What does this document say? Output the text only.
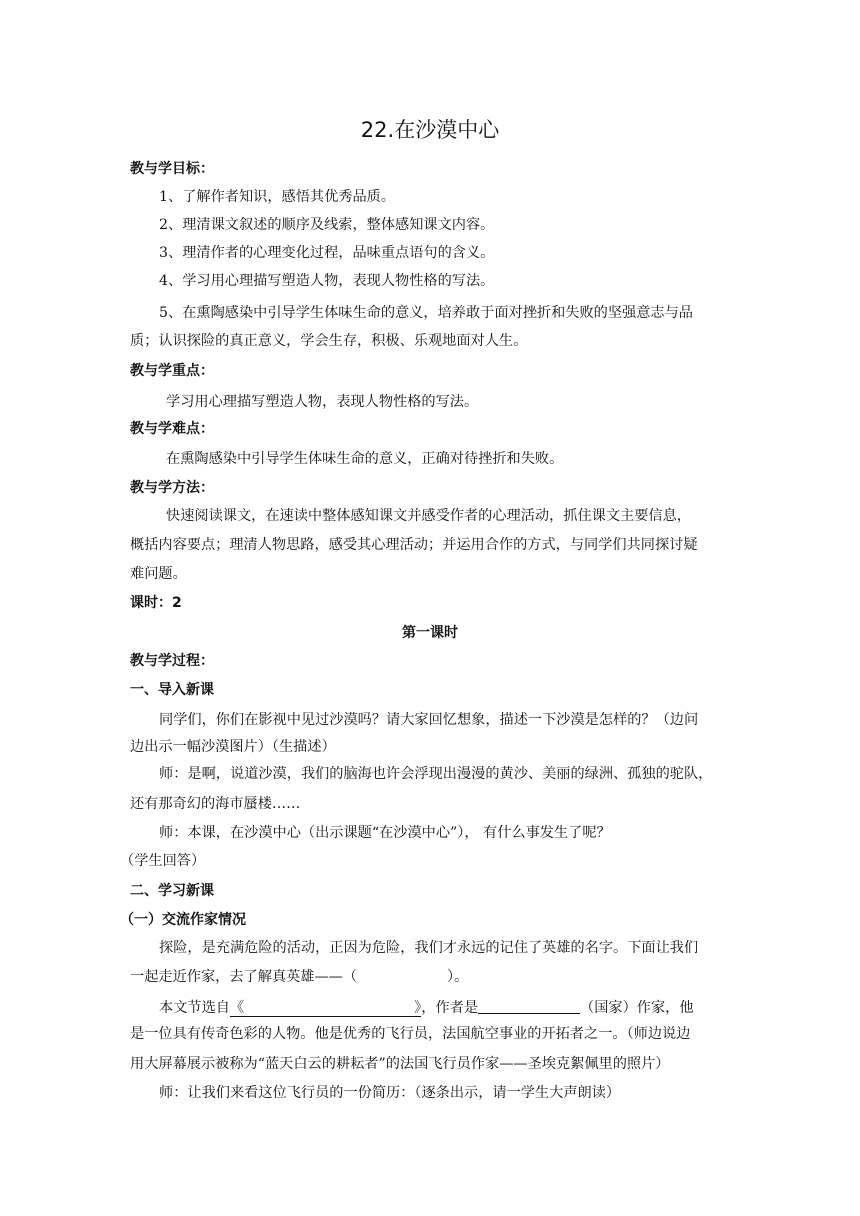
22.在沙漠中心
教与学目标：
1、了解作者知识，感悟其优秀品质。
2、理清课文叙述的顺序及线索，整体感知课文内容。
3、理清作者的心理变化过程，品味重点语句的含义。
4、学习用心理描写塑造人物，表现人物性格的写法。
5、在熏陶感染中引导学生体味生命的意义，培养敢于面对挫折和失败的坚强意志与品
质；认识探险的真正意义，学会生存，积极、乐观地面对人生。
教与学重点：
学习用心理描写塑造人物，表现人物性格的写法。
教与学难点：
在熏陶感染中引导学生体味生命的意义，正确对待挫折和失败。
教与学方法：
快速阅读课文，在速读中整体感知课文并感受作者的心理活动，抓住课文主要信息，
概括内容要点；理清人物思路，感受其心理活动；并运用合作的方式，与同学们共同探讨疑
难问题。
课时：2
第一课时
教与学过程：
一、导入新课
同学们，你们在影视中见过沙漠吗？请大家回忆想象，描述一下沙漠是怎样的？（边问
边出示一幅沙漠图片）（生描述）
师：是啊，说道沙漠，我们的脑海也许会浮现出漫漫的黄沙、美丽的绿洲、孤独的驼队，
还有那奇幻的海市蜃楼……
师：本课，在沙漠中心（出示课题“在沙漠中心”）， 有什么事发生了呢？
（学生回答）
二、学习新课
（一）交流作家情况
探险，是充满危险的活动，正因为危险，我们才永远的记住了英雄的名字。下面让我们
一起走近作家，去了解真英雄——（	）。
本文节选自《	》，作者是	（国家）作家，他
是一位具有传奇色彩的人物。他是优秀的飞行员，法国航空事业的开拓者之一。（师边说边
用大屏幕展示被称为“蓝天白云的耕耘者”的法国飞行员作家——圣埃克絮佩里的照片）
师：让我们来看这位飞行员的一份简历：（逐条出示，请一学生大声朗读）
